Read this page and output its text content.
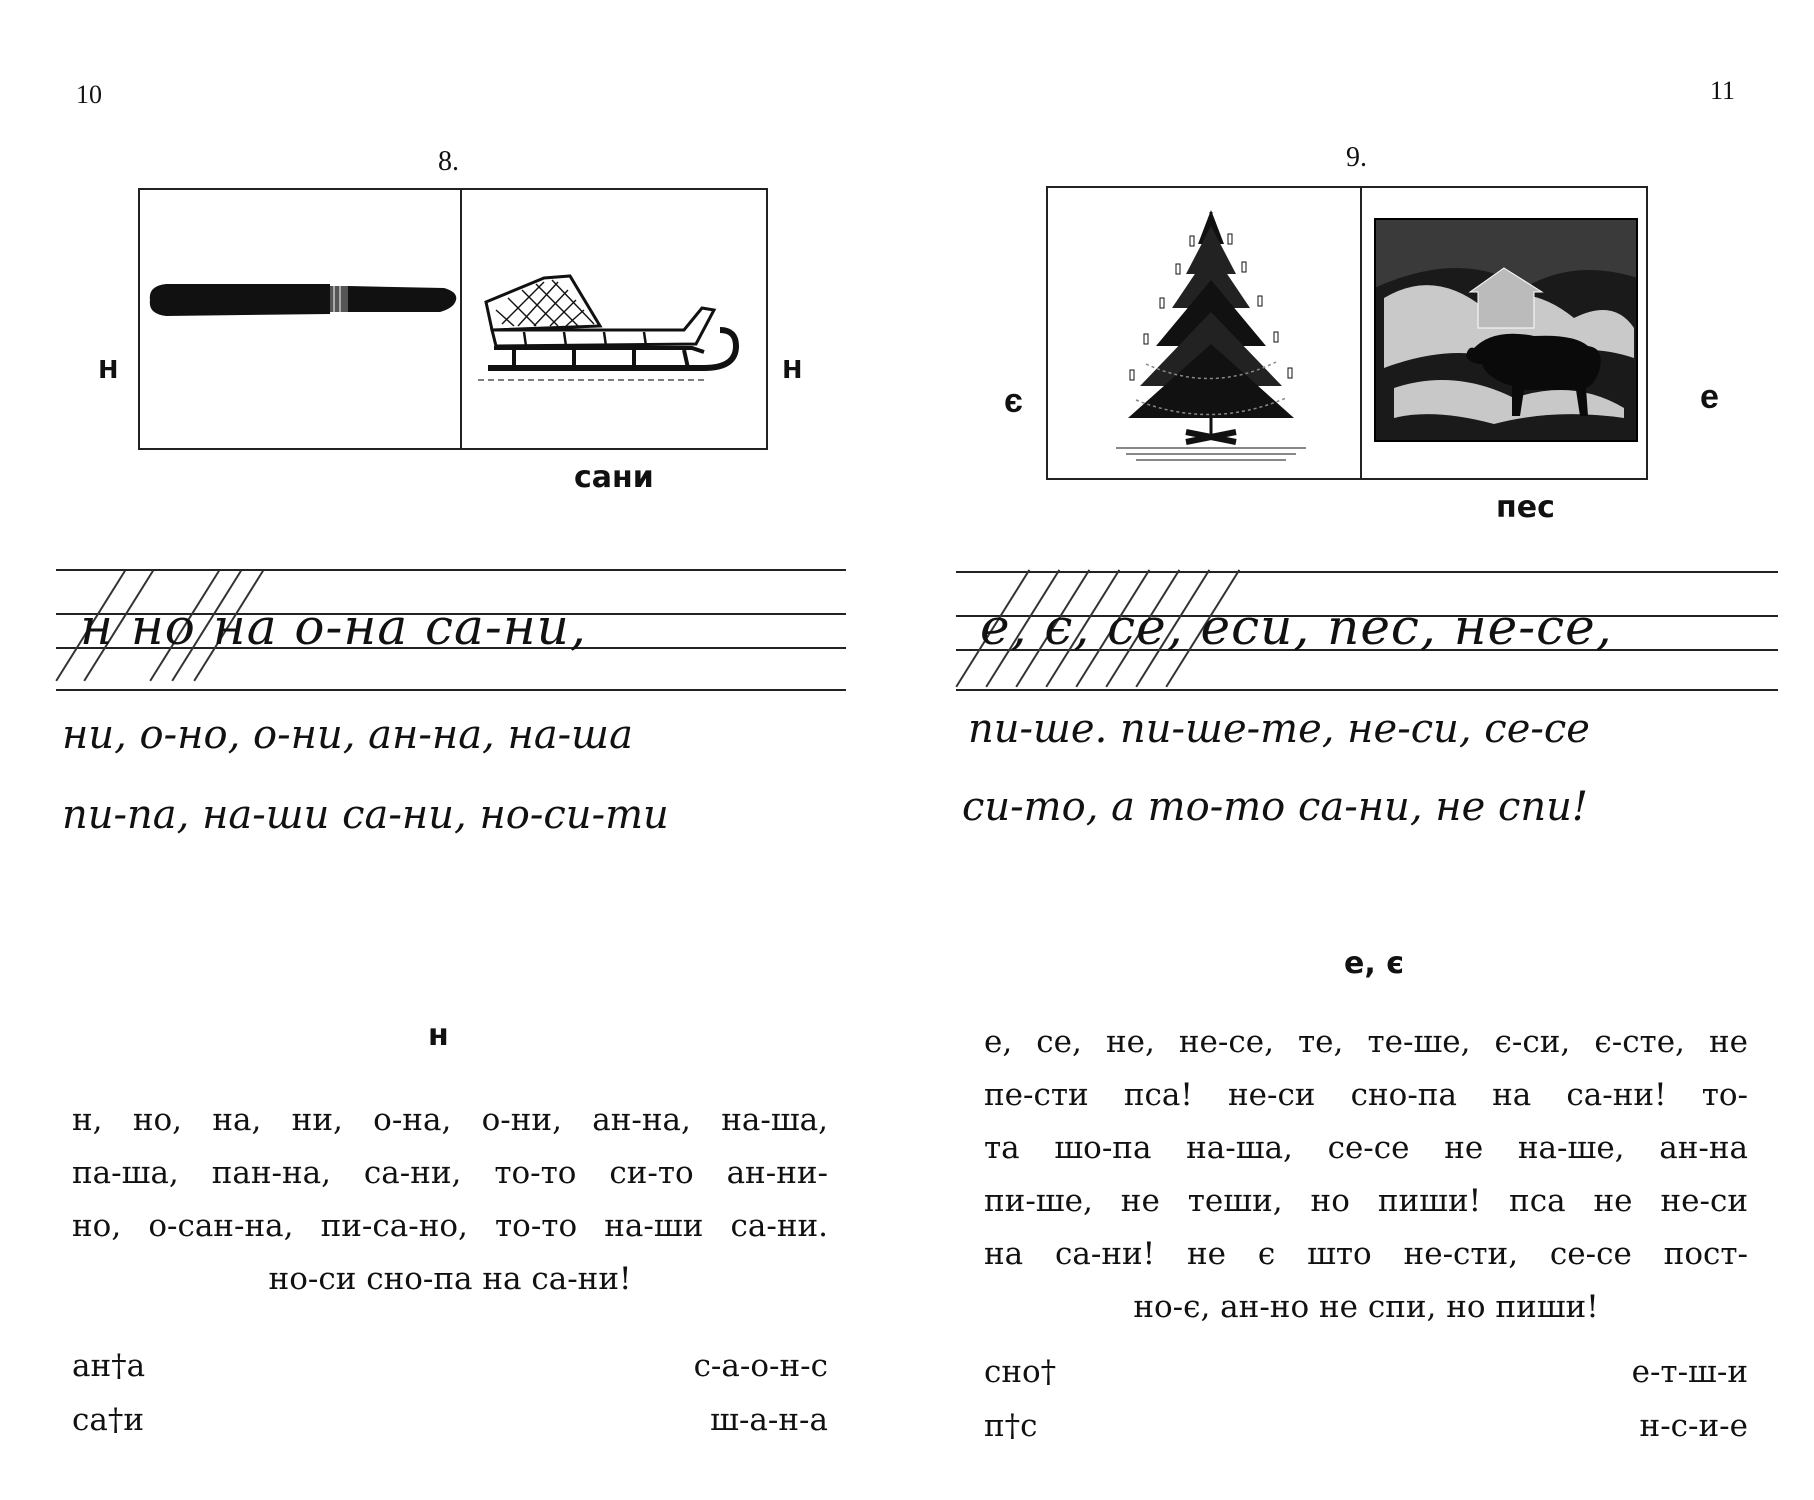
10
8.
н	н
сани
н но на о-на са-ни,
ни, о-но, о-ни, ан-на, на-ша
пи-па, на-ши са-ни, но-си-ти
н
н, но, на, ни, о-на, о-ни, ан-на, на-ша,
па-ша, пан-на, са-ни, то-то си-то ан-ни-
но, о-сан-на, пи-са-но, то-то на-ши са-ни.
но-си сно-па на са-ни!
ан†а
са†и
с-а-о-н-с
ш-а-н-а
11
9.
є	е
пес
е, є, се, еси, пес, не-се,
пи-ше. пи-ше-те, не-си, се-се
си-то, а то-то са-ни, не спи!
е, є
е, се, не, не-се, те, те-ше, є-си, є-сте, не
пе-сти пса! не-си сно-па на са-ни! то-
та шо-па на-ша, се-се не на-ше, ан-на
пи-ше, не теши, но пиши! пса не не-си
на са-ни! не є што не-сти, се-се пост-
но-є, ан-но не спи, но пиши!
сно†
п†с
е-т-ш-и
н-с-и-е
